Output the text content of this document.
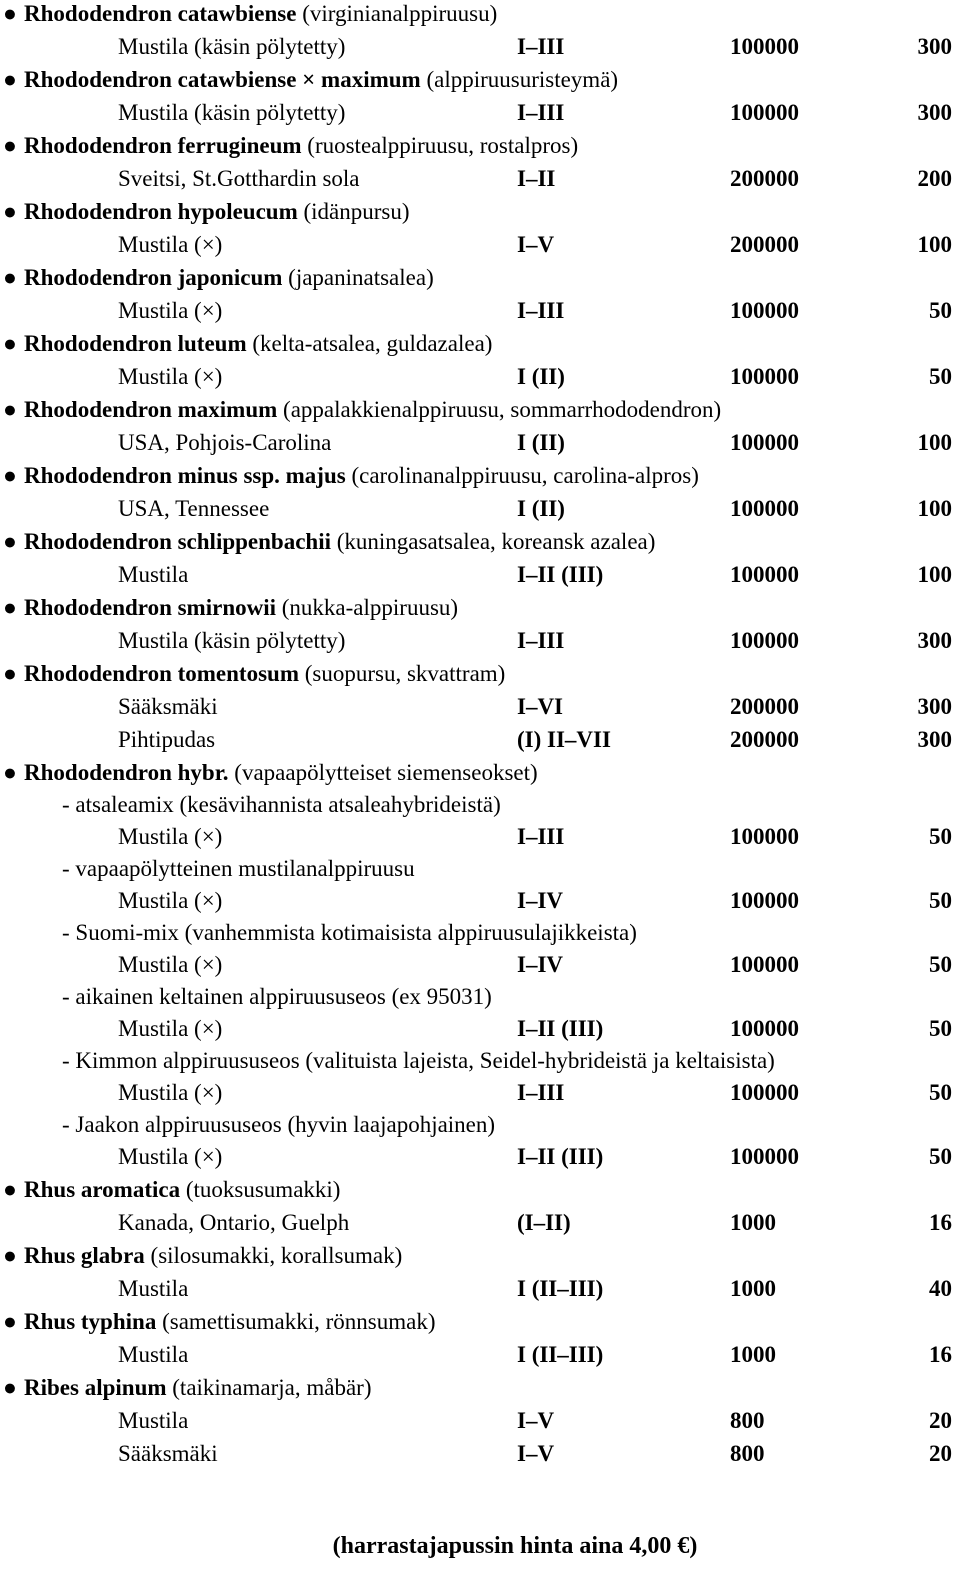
● Rhododendron catawbiense (virginianalppiruusu)
Mustila (käsin pölytetty)	I–III	100000	300
● Rhododendron catawbiense × maximum (alppiruusuristeymä)
Mustila (käsin pölytetty)	I–III	100000	300
● Rhododendron ferrugineum (ruostealppiruusu, rostalpros)
Sveitsi, St.Gotthardin sola	I–II	200000	200
● Rhododendron hypoleucum (idänpursu)
Mustila (×)	I–V	200000	100
● Rhododendron japonicum (japaninatsalea)
Mustila (×)	I–III	100000	50
● Rhododendron luteum (kelta-atsalea, guldazalea)
Mustila (×)	I (II)	100000	50
● Rhododendron maximum (appalakkienalppiruusu, sommarrhododendron)
USA, Pohjois-Carolina	I (II)	100000	100
● Rhododendron minus ssp. majus (carolinanalppiruusu, carolina-alpros)
USA, Tennessee	I (II)	100000	100
● Rhododendron schlippenbachii (kuningasatsalea, koreansk azalea)
Mustila	I–II (III)	100000	100
● Rhododendron smirnowii (nukka-alppiruusu)
Mustila (käsin pölytetty)	I–III	100000	300
● Rhododendron tomentosum (suopursu, skvattram)
Sääksmäki	I–VI	200000	300
Pihtipudas	(I) II–VII	200000	300
● Rhododendron hybr. (vapaapölytteiset siemenseokset)
- atsaleamix (kesävihannista atsaleahybrideistä)
Mustila (×)	I–III	100000	50
- vapaapölytteinen mustilanalppiruusu
Mustila (×)	I–IV	100000	50
- Suomi-mix (vanhemmista kotimaisista alppiruusulajikkeista)
Mustila (×)	I–IV	100000	50
- aikainen keltainen alppiruususeos (ex 95031)
Mustila (×)	I–II (III)	100000	50
- Kimmon alppiruususeos (valituista lajeista, Seidel-hybrideistä ja keltaisista)
Mustila (×)	I–III	100000	50
- Jaakon alppiruususeos (hyvin laajapohjainen)
Mustila (×)	I–II (III)	100000	50
● Rhus aromatica (tuoksusumakki)
Kanada, Ontario, Guelph	(I–II)	1000	16
● Rhus glabra (silosumakki, korallsumak)
Mustila	I (II–III)	1000	40
● Rhus typhina (samettisumakki, rönnsumak)
Mustila	I (II–III)	1000	16
● Ribes alpinum (taikinamarja, måbär)
Mustila	I–V	800	20
Sääksmäki	I–V	800	20
(harrastajapussin hinta aina 4,00 €)
